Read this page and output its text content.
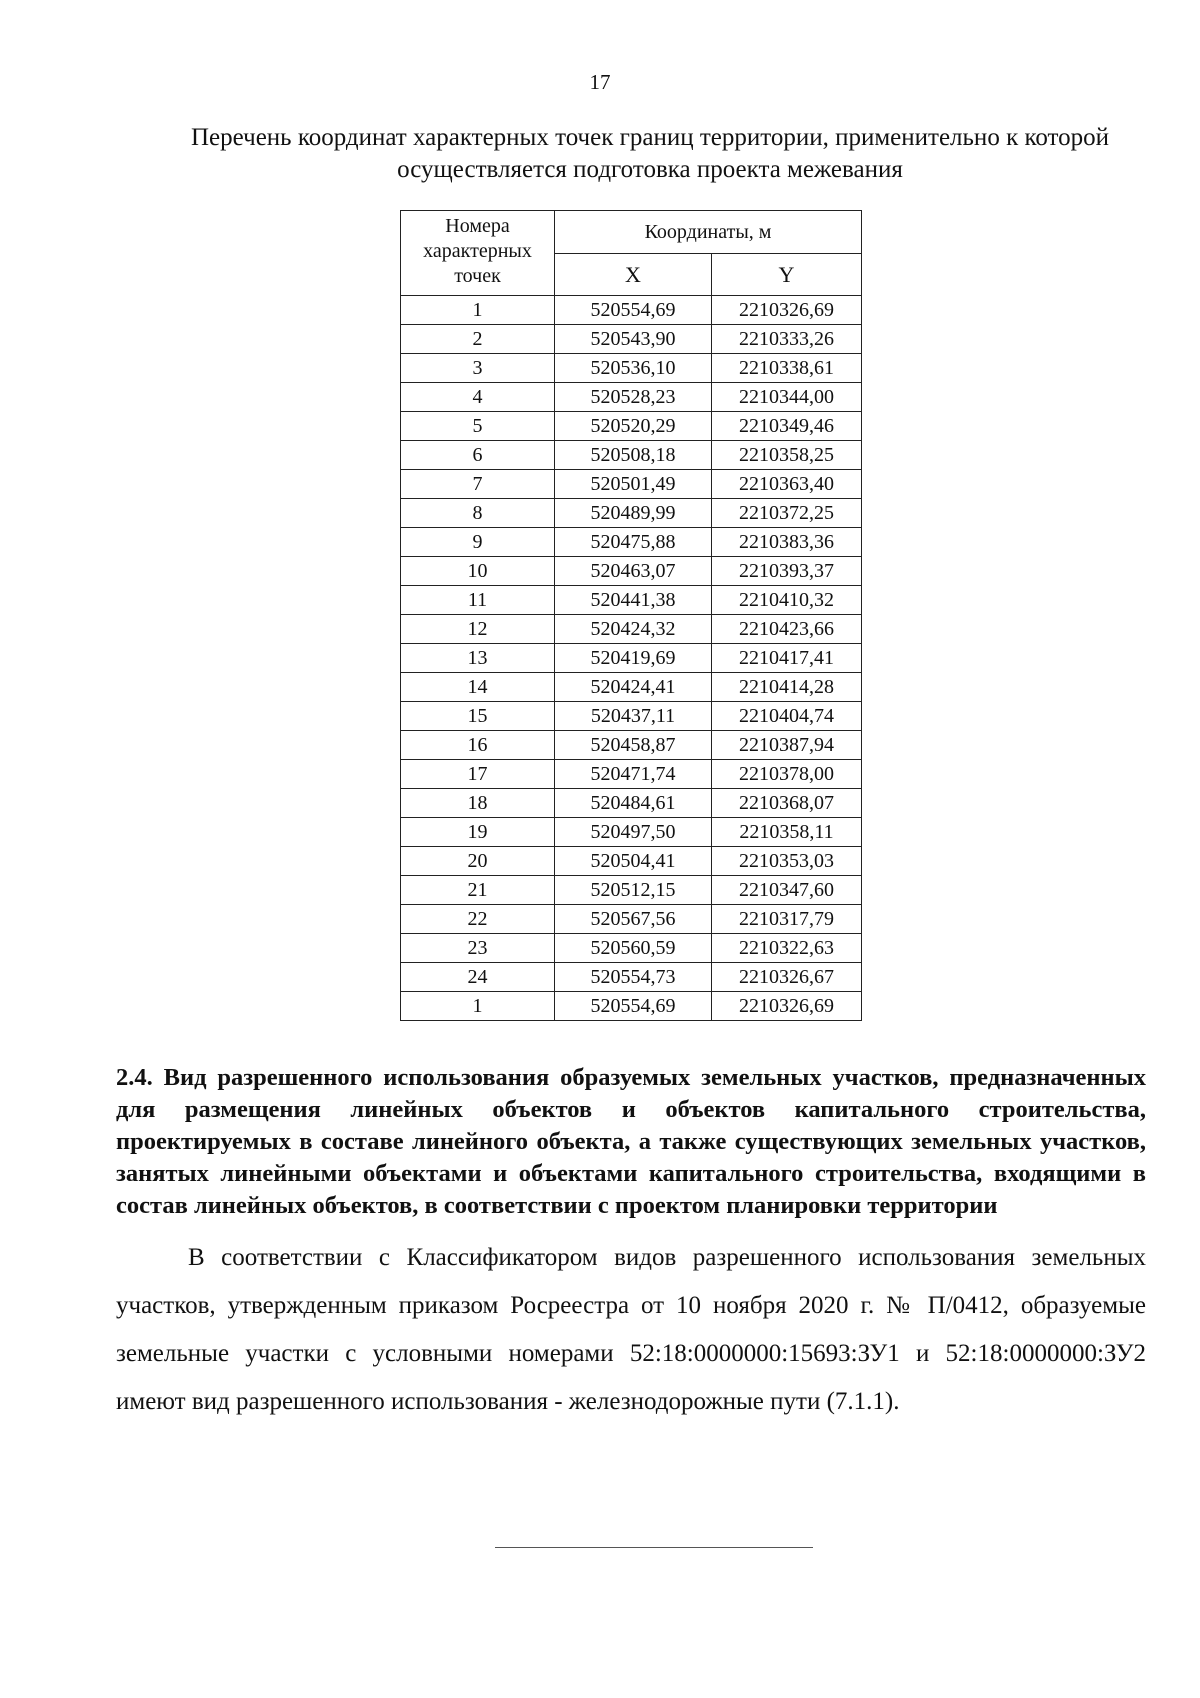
17
Перечень координат характерных точек границ территории, применительно к которой осуществляется подготовка проекта межевания
Номера характерных точек	Координаты, м	
	X	Y
1	520554,69	2210326,69
2	520543,90	2210333,26
3	520536,10	2210338,61
4	520528,23	2210344,00
5	520520,29	2210349,46
6	520508,18	2210358,25
7	520501,49	2210363,40
8	520489,99	2210372,25
9	520475,88	2210383,36
10	520463,07	2210393,37
11	520441,38	2210410,32
12	520424,32	2210423,66
13	520419,69	2210417,41
14	520424,41	2210414,28
15	520437,11	2210404,74
16	520458,87	2210387,94
17	520471,74	2210378,00
18	520484,61	2210368,07
19	520497,50	2210358,11
20	520504,41	2210353,03
21	520512,15	2210347,60
22	520567,56	2210317,79
23	520560,59	2210322,63
24	520554,73	2210326,67
1	520554,69	2210326,69

2.4. Вид разрешенного использования образуемых земельных участков, предназначенных для размещения линейных объектов и объектов капитального строительства, проектируемых в составе линейного объекта, а также существующих земельных участков, занятых линейными объектами и объектами капитального строительства, входящими в состав линейных объектов, в соответствии с проектом планировки территории

В соответствии с Классификатором видов разрешенного использования земельных участков, утвержденным приказом Росреестра от 10 ноября 2020 г. № П/0412, образуемые земельные участки с условными номерами 52:18:0000000:15693:ЗУ1 и 52:18:0000000:ЗУ2 имеют вид разрешенного использования - железнодорожные пути (7.1.1).
